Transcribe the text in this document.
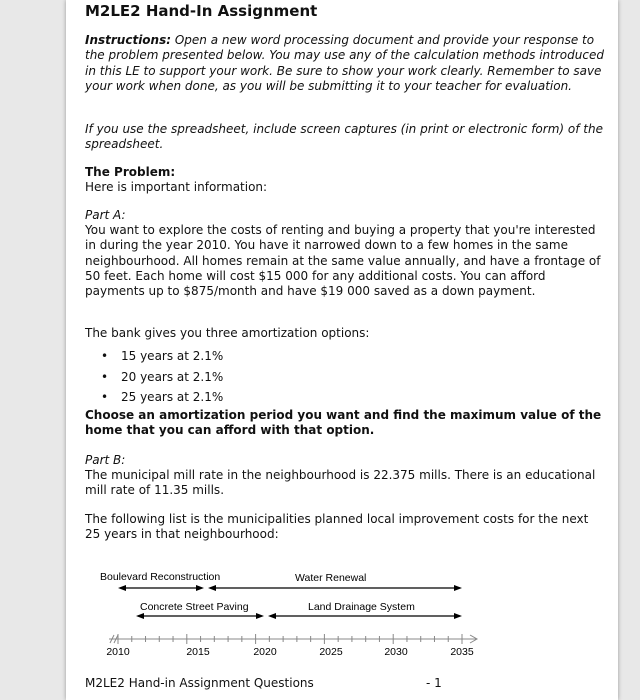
M2LE2 Hand-In Assignment

Instructions: Open a new word processing document and provide your response to the problem presented below. You may use any of the calculation methods introduced in this LE to support your work. Be sure to show your work clearly. Remember to save your work when done, as you will be submitting it to your teacher for evaluation.

If you use the spreadsheet, include screen captures (in print or electronic form) of the spreadsheet.

The Problem:

Here is important information:

Part A:

You want to explore the costs of renting and buying a property that you're interested in during the year 2010. You have it narrowed down to a few homes in the same neighbourhood. All homes remain at the same value annually, and have a frontage of 50 feet. Each home will cost $15 000 for any additional costs. You can afford payments up to $875/month and have $19 000 saved as a down payment.

The bank gives you three amortization options:

• 15 years at 2.1%
• 20 years at 2.1%
• 25 years at 2.1%

Choose an amortization period you want and find the maximum value of the home that you can afford with that option.

Part B:

The municipal mill rate in the neighbourhood is 22.375 mills. There is an educational mill rate of 11.35 mills.

The following list is the municipalities planned local improvement costs for the next 25 years in that neighbourhood:

Boulevard Reconstruction	Water Renewal
Concrete Street Paving	Land Drainage System
2010	2015	2020	2025	2030	2035

M2LE2 Hand-in Assignment Questions	- 1
